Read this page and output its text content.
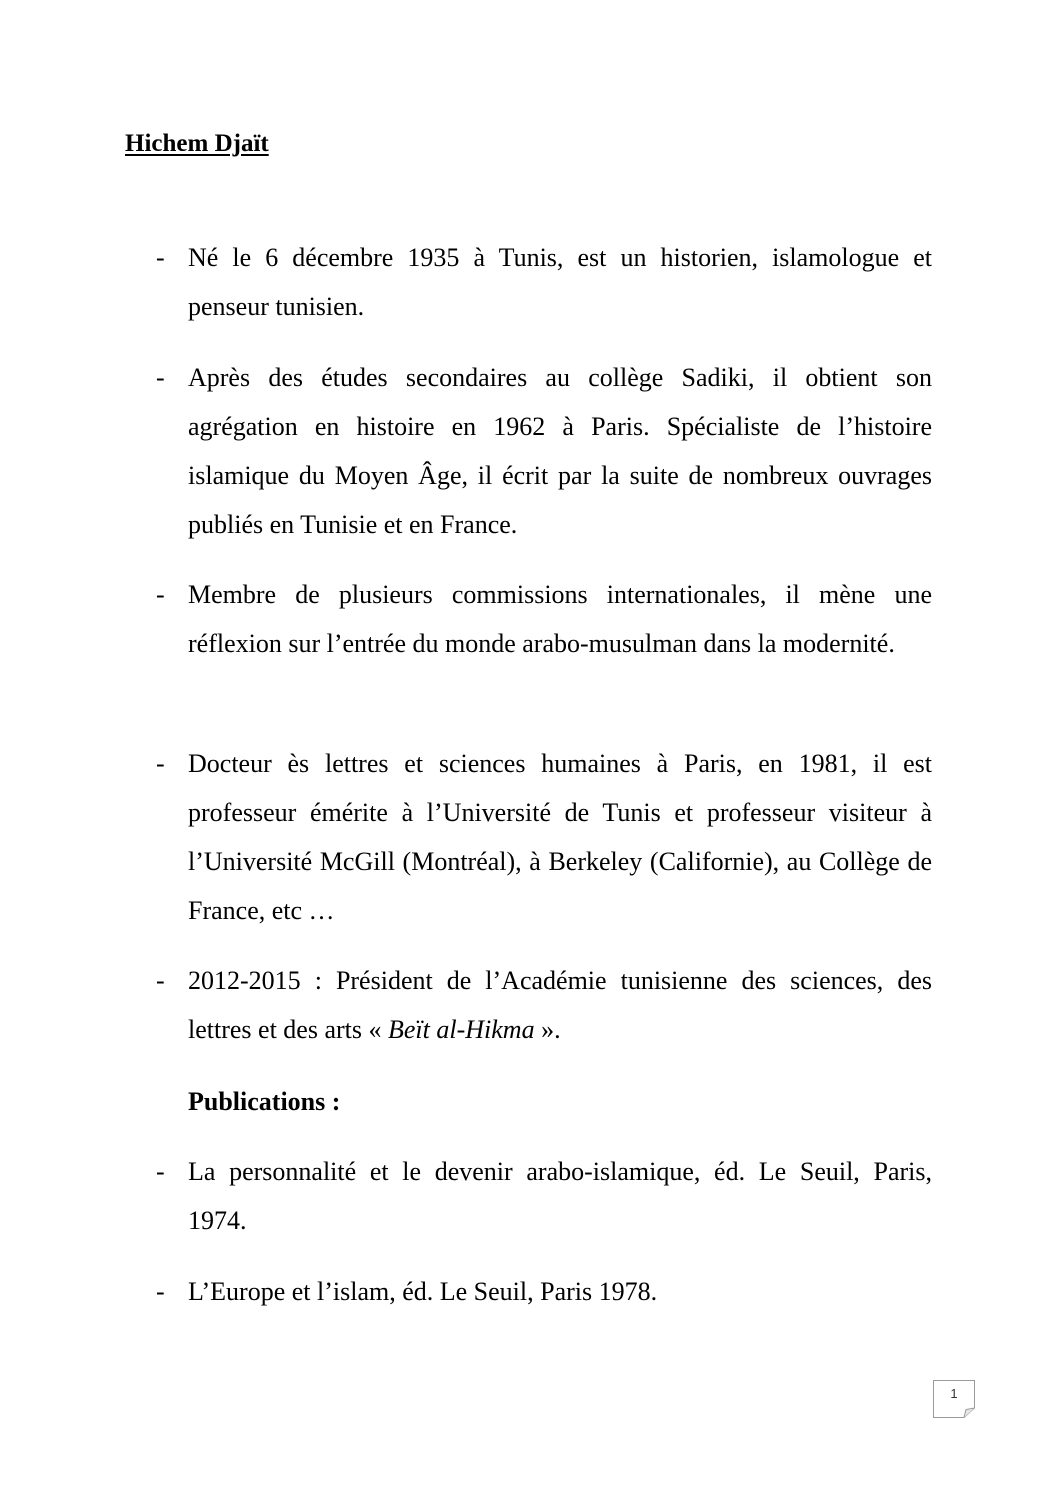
Hichem Djaït
- Né le 6 décembre 1935 à Tunis, est un historien, islamologue et penseur tunisien.
- Après des études secondaires au collège Sadiki, il obtient son agrégation en histoire en 1962 à Paris. Spécialiste de l’histoire islamique du Moyen Âge, il écrit par la suite de nombreux ouvrages publiés en Tunisie et en France.
- Membre de plusieurs commissions internationales, il mène une réflexion sur l’entrée du monde arabo-musulman dans la modernité.
- Docteur ès lettres et sciences humaines à Paris, en 1981, il est professeur émérite à l’Université de Tunis et professeur visiteur à l’Université McGill (Montréal), à Berkeley (Californie), au Collège de France, etc …
- 2012-2015 : Président de l’Académie tunisienne des sciences, des lettres et des arts « Beït al-Hikma ».
Publications :
- La personnalité et le devenir arabo-islamique, éd. Le Seuil, Paris, 1974.
- L’Europe et l’islam, éd. Le Seuil, Paris 1978.
1
